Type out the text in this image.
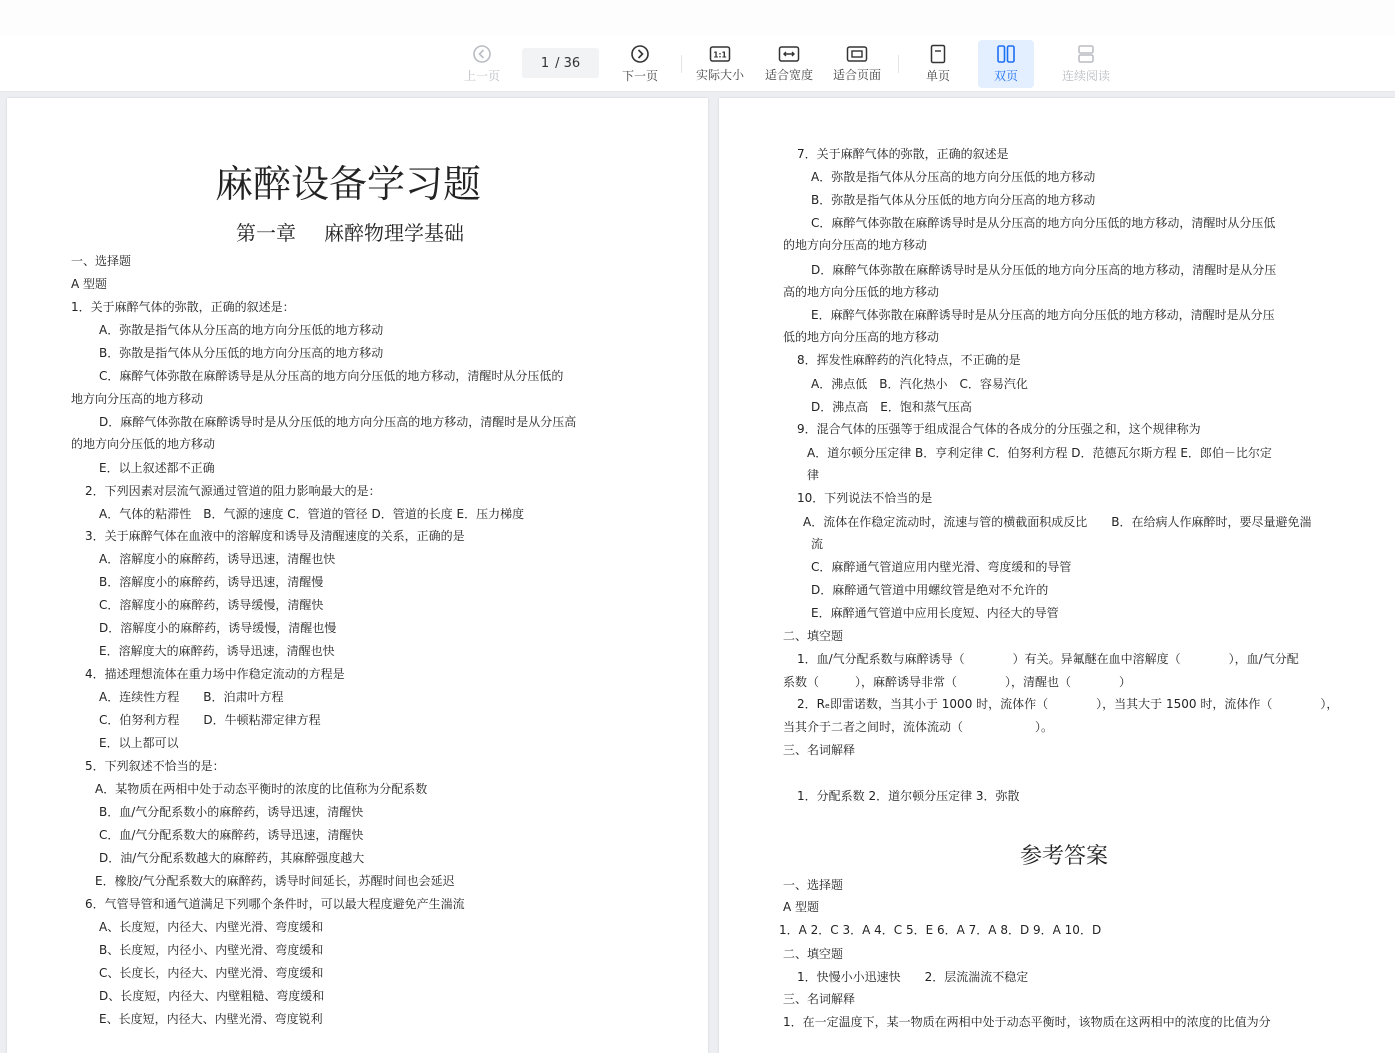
上一页
1 / 36
下一页
1:1
实际大小 适合宽度 适合页面	单页	双页	连续阅读
麻醉设备学习题
第一章 麻醉物理学基础
一、选择题
A 型题
1．关于麻醉气体的弥散，正确的叙述是：
A．弥散是指气体从分压高的地方向分压低的地方移动
B．弥散是指气体从分压低的地方向分压高的地方移动
C．麻醉气体弥散在麻醉诱导是从分压高的地方向分压低的地方移动，清醒时从分压低的
地方向分压高的地方移动
D．麻醉气体弥散在麻醉诱导时是从分压低的地方向分压高的地方移动，清醒时是从分压高
的地方向分压低的地方移动
E．以上叙述都不正确
2．下列因素对层流气源通过管道的阻力影响最大的是：
A．气体的粘滞性　B．气源的速度 C．管道的管径 D．管道的长度 E．压力梯度
3．关于麻醉气体在血液中的溶解度和诱导及清醒速度的关系，正确的是
A．溶解度小的麻醉药，诱导迅速，清醒也快
B．溶解度小的麻醉药，诱导迅速，清醒慢
C．溶解度小的麻醉药，诱导缓慢，清醒快
D．溶解度小的麻醉药，诱导缓慢，清醒也慢
E．溶解度大的麻醉药，诱导迅速，清醒也快
4．描述理想流体在重力场中作稳定流动的方程是
A．连续性方程　　B．泊肃叶方程
C．伯努利方程　　D．牛顿粘滞定律方程
E．以上都可以
5．下列叙述不恰当的是：
A．某物质在两相中处于动态平衡时的浓度的比值称为分配系数
B．血/气分配系数小的麻醉药，诱导迅速，清醒快
C．血/气分配系数大的麻醉药，诱导迅速，清醒快
D．油/气分配系数越大的麻醉药，其麻醉强度越大
E．橡胶/气分配系数大的麻醉药，诱导时间延长，苏醒时间也会延迟
6．气管导管和通气道满足下列哪个条件时，可以最大程度避免产生湍流
A、长度短，内径大、内壁光滑、弯度缓和
B、长度短，内径小、内壁光滑、弯度缓和
C、长度长，内径大、内壁光滑、弯度缓和
D、长度短，内径大、内壁粗糙、弯度缓和
E、长度短，内径大、内壁光滑、弯度锐利
7．关于麻醉气体的弥散，正确的叙述是
A．弥散是指气体从分压高的地方向分压低的地方移动
B．弥散是指气体从分压低的地方向分压高的地方移动
C．麻醉气体弥散在麻醉诱导时是从分压高的地方向分压低的地方移动，清醒时从分压低
的地方向分压高的地方移动
D．麻醉气体弥散在麻醉诱导时是从分压低的地方向分压高的地方移动，清醒时是从分压
高的地方向分压低的地方移动
E．麻醉气体弥散在麻醉诱导时是从分压高的地方向分压低的地方移动，清醒时是从分压
低的地方向分压高的地方移动
8．挥发性麻醉药的汽化特点，不正确的是
A．沸点低　B．汽化热小　C．容易汽化
D．沸点高　E．饱和蒸气压高
9．混合气体的压强等于组成混合气体的各成分的分压强之和，这个规律称为
A．道尔顿分压定律 B．亨利定律 C．伯努利方程 D．范德瓦尔斯方程 E．郎伯－比尔定
律
10．下列说法不恰当的是
A．流体在作稳定流动时，流速与管的横截面积成反比　　B．在给病人作麻醉时，要尽量避免湍
流
C．麻醉通气管道应用内壁光滑、弯度缓和的导管
D．麻醉通气管道中用螺纹管是绝对不允许的
E．麻醉通气管道中应用长度短、内径大的导管
二、填空题
1．血/气分配系数与麻醉诱导（　　　　）有关。异氟醚在血中溶解度（　　　　），血/气分配
系数（　　　），麻醉诱导非常（　　　　），清醒也（　　　　）
2．Rₑ即雷诺数，当其小于 1000 时，流体作（　　　　），当其大于 1500 时，流体作（　　　　），
当其介于二者之间时，流体流动（　　　　　　）。
三、名词解释
1．分配系数 2．道尔顿分压定律 3．弥散
参考答案
一、选择题
A 型题
1．A 2．C 3．A 4．C 5．E 6．A 7．A 8．D 9．A 10．D
二、填空题
1．快慢小小迅速快　　2．层流湍流不稳定
三、名词解释
1．在一定温度下，某一物质在两相中处于动态平衡时，该物质在这两相中的浓度的比值为分
